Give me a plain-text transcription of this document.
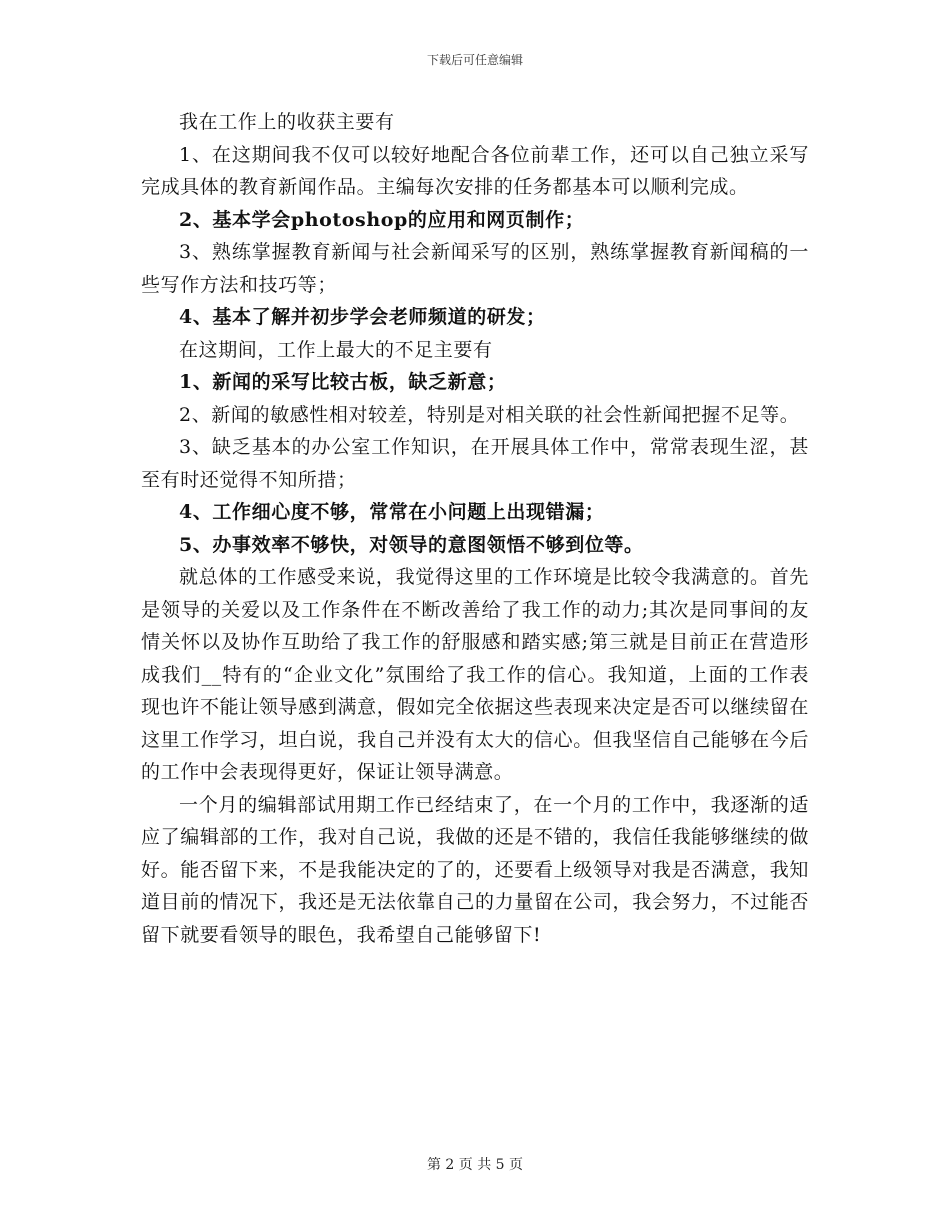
下载后可任意编辑

我在工作上的收获主要有

1、在这期间我不仅可以较好地配合各位前辈工作，还可以自己独立采写完成具体的教育新闻作品。主编每次安排的任务都基本可以顺利完成。

2、基本学会photoshop的应用和网页制作；

3、熟练掌握教育新闻与社会新闻采写的区别，熟练掌握教育新闻稿的一些写作方法和技巧等；

4、基本了解并初步学会老师频道的研发；

在这期间，工作上最大的不足主要有

1、新闻的采写比较古板，缺乏新意；

2、新闻的敏感性相对较差，特别是对相关联的社会性新闻把握不足等。

3、缺乏基本的办公室工作知识，在开展具体工作中，常常表现生涩，甚至有时还觉得不知所措；

4、工作细心度不够，常常在小问题上出现错漏；

5、办事效率不够快，对领导的意图领悟不够到位等。

就总体的工作感受来说，我觉得这里的工作环境是比较令我满意的。首先是领导的关爱以及工作条件在不断改善给了我工作的动力;其次是同事间的友情关怀以及协作互助给了我工作的舒服感和踏实感;第三就是目前正在营造形成我们__特有的“企业文化”氛围给了我工作的信心。我知道，上面的工作表现也许不能让领导感到满意，假如完全依据这些表现来决定是否可以继续留在这里工作学习，坦白说，我自己并没有太大的信心。但我坚信自己能够在今后的工作中会表现得更好，保证让领导满意。

一个月的编辑部试用期工作已经结束了，在一个月的工作中，我逐渐的适应了编辑部的工作，我对自己说，我做的还是不错的，我信任我能够继续的做好。能否留下来，不是我能决定的了的，还要看上级领导对我是否满意，我知道目前的情况下，我还是无法依靠自己的力量留在公司，我会努力，不过能否留下就要看领导的眼色，我希望自己能够留下!

第 2 页 共 5 页
